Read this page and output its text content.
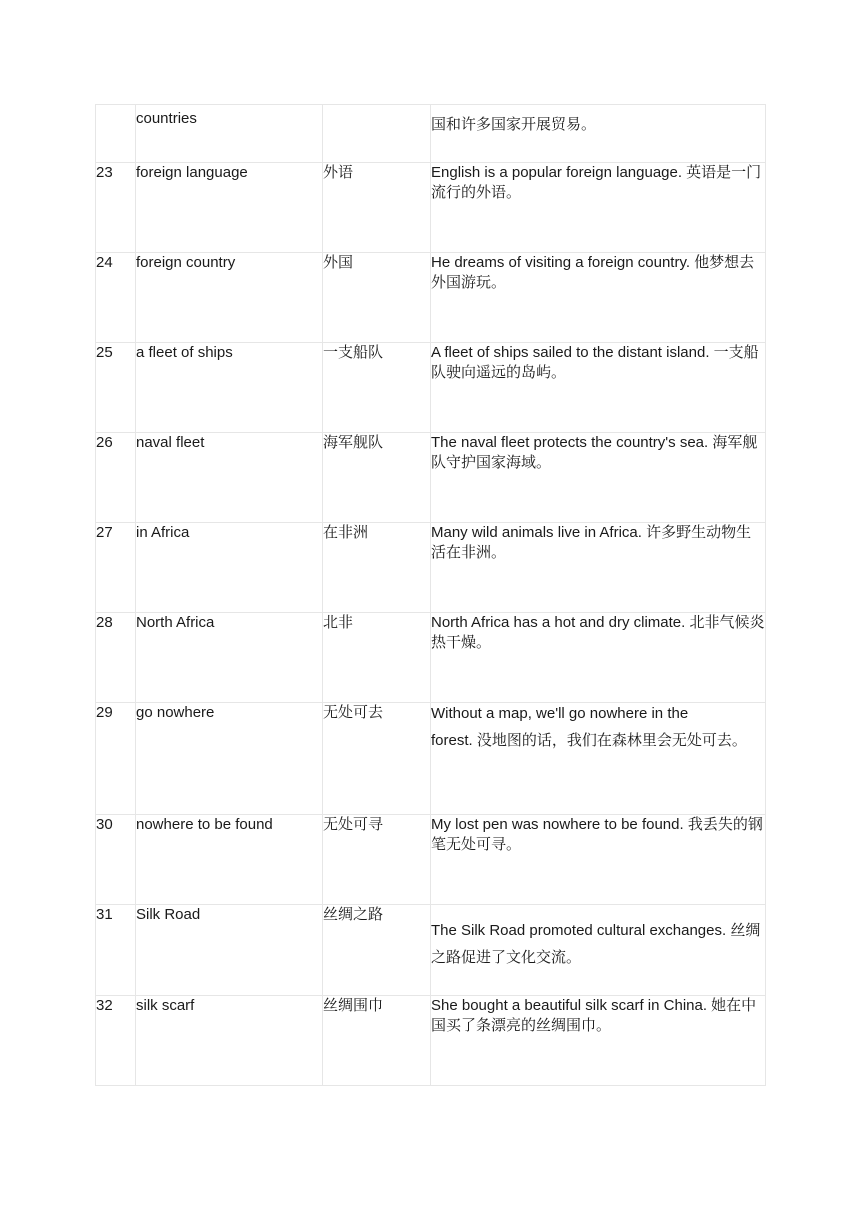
	countries		国和许多国家开展贸易。
23	foreign language	外语	English is a popular foreign language. 英语是一门流行的外语。
24	foreign country	外国	He dreams of visiting a foreign country. 他梦想去外国游玩。
25	a fleet of ships	一支船队	A fleet of ships sailed to the distant island. 一支船队驶向遥远的岛屿。
26	naval fleet	海军舰队	The naval fleet protects the country's sea. 海军舰队守护国家海域。
27	in Africa	在非洲	Many wild animals live in Africa. 许多野生动物生活在非洲。
28	North Africa	北非	North Africa has a hot and dry climate. 北非气候炎热干燥。
29	go nowhere	无处可去	Without a map, we'll go nowhere in the
forest. 没地图的话，我们在森林里会无处可去。

30	nowhere to be found	无处可寻	My lost pen was nowhere to be found. 我丢失的钢笔无处可寻。
31	Silk Road	丝绸之路	The Silk Road promoted cultural exchanges. 丝绸之路促进了文化交流。
32	silk scarf	丝绸围巾	She bought a beautiful silk scarf in China. 她在中国买了条漂亮的丝绸围巾。
